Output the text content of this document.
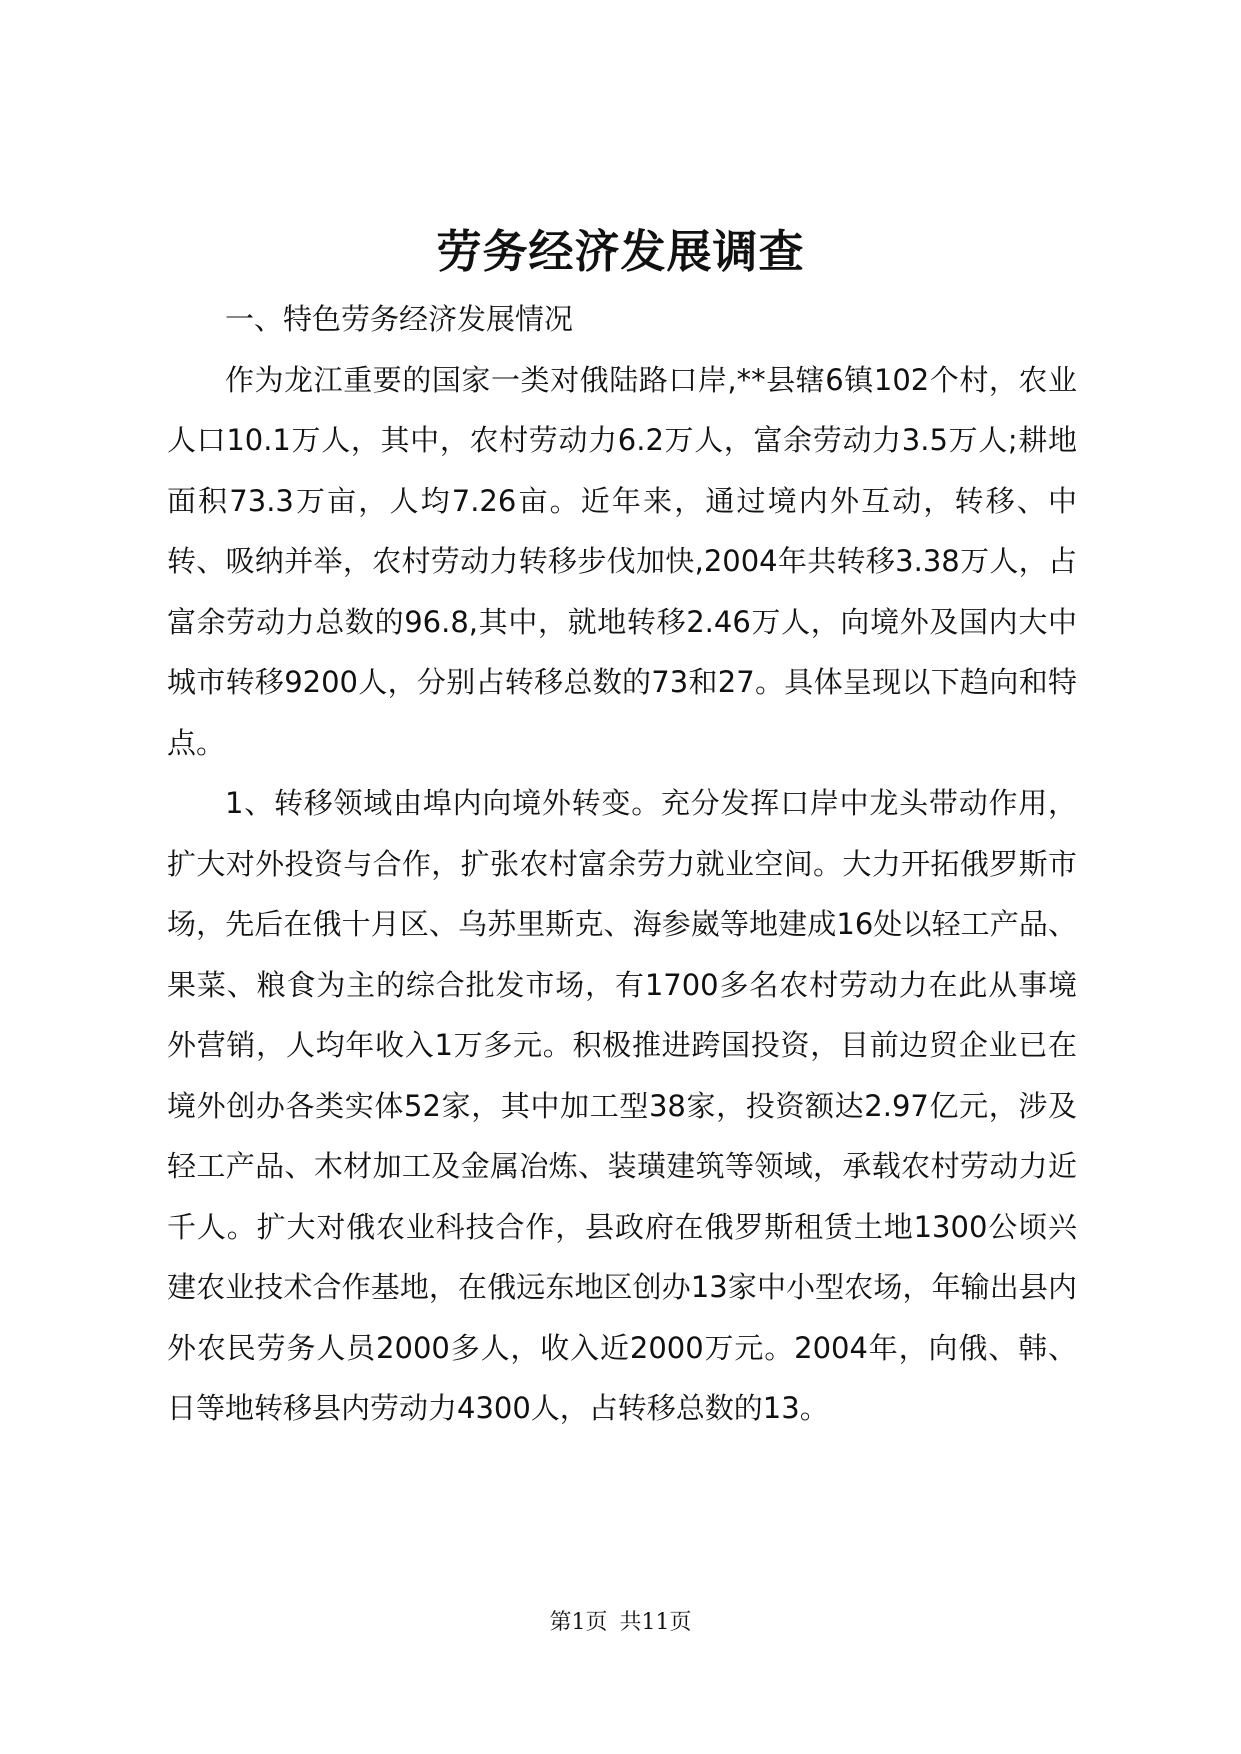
劳务经济发展调查

一、特色劳务经济发展情况

作为龙江重要的国家一类对俄陆路口岸,**县辖6镇102个村，农业人口10.1万人，其中，农村劳动力6.2万人，富余劳动力3.5万人;耕地面积73.3万亩，人均7.26亩。近年来，通过境内外互动，转移、中转、吸纳并举，农村劳动力转移步伐加快,2004年共转移3.38万人，占富余劳动力总数的96.8,其中，就地转移2.46万人，向境外及国内大中城市转移9200人，分别占转移总数的73和27。具体呈现以下趋向和特点。

1、转移领域由埠内向境外转变。充分发挥口岸中龙头带动作用，扩大对外投资与合作，扩张农村富余劳力就业空间。大力开拓俄罗斯市场，先后在俄十月区、乌苏里斯克、海参崴等地建成16处以轻工产品、果菜、粮食为主的综合批发市场，有1700多名农村劳动力在此从事境外营销，人均年收入1万多元。积极推进跨国投资，目前边贸企业已在境外创办各类实体52家，其中加工型38家，投资额达2.97亿元，涉及轻工产品、木材加工及金属冶炼、装璜建筑等领域，承载农村劳动力近千人。扩大对俄农业科技合作，县政府在俄罗斯租赁土地1300公顷兴建农业技术合作基地，在俄远东地区创办13家中小型农场，年输出县内外农民劳务人员2000多人，收入近2000万元。2004年，向俄、韩、日等地转移县内劳动力4300人，占转移总数的13。

第1页 共11页
